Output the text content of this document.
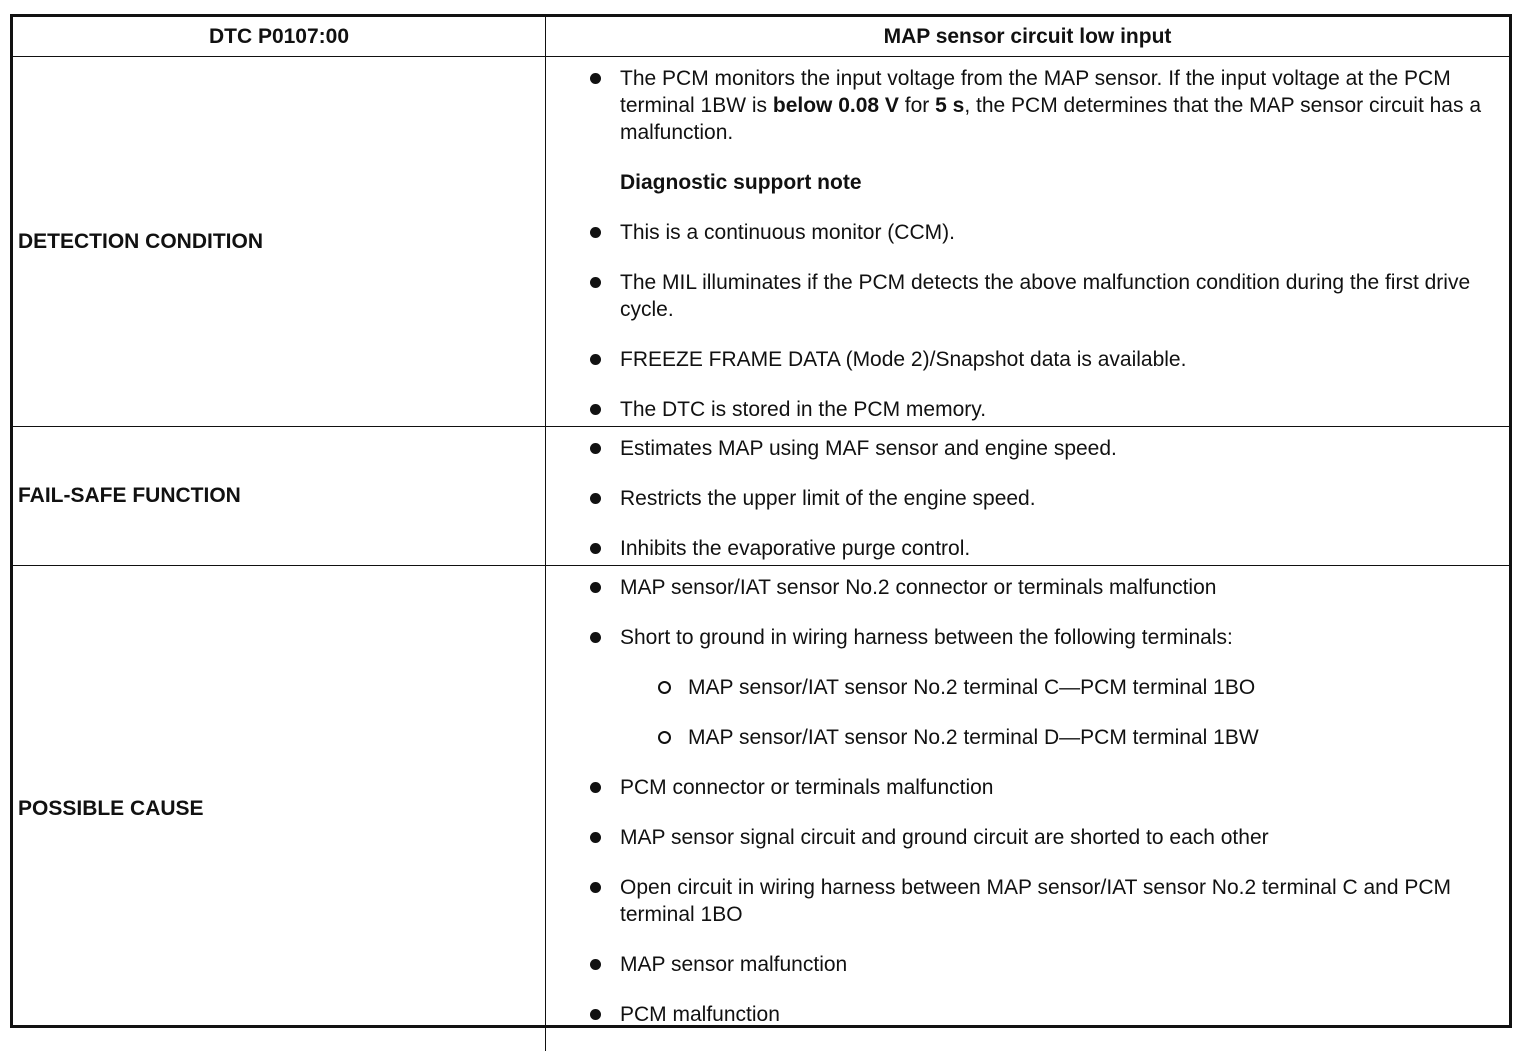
DTC P0107:00	MAP sensor circuit low input
DETECTION CONDITION
The PCM monitors the input voltage from the MAP sensor. If the input voltage at the PCM terminal 1BW is below 0.08 V for 5 s, the PCM determines that the MAP sensor circuit has a malfunction.
Diagnostic support note
This is a continuous monitor (CCM).
The MIL illuminates if the PCM detects the above malfunction condition during the first drive cycle.
FREEZE FRAME DATA (Mode 2)/Snapshot data is available.
The DTC is stored in the PCM memory.
FAIL-SAFE FUNCTION
Estimates MAP using MAF sensor and engine speed.
Restricts the upper limit of the engine speed.
Inhibits the evaporative purge control.
POSSIBLE CAUSE
MAP sensor/IAT sensor No.2 connector or terminals malfunction
Short to ground in wiring harness between the following terminals:
MAP sensor/IAT sensor No.2 terminal C—PCM terminal 1BO
MAP sensor/IAT sensor No.2 terminal D—PCM terminal 1BW
PCM connector or terminals malfunction
MAP sensor signal circuit and ground circuit are shorted to each other
Open circuit in wiring harness between MAP sensor/IAT sensor No.2 terminal C and PCM terminal 1BO
MAP sensor malfunction
PCM malfunction
